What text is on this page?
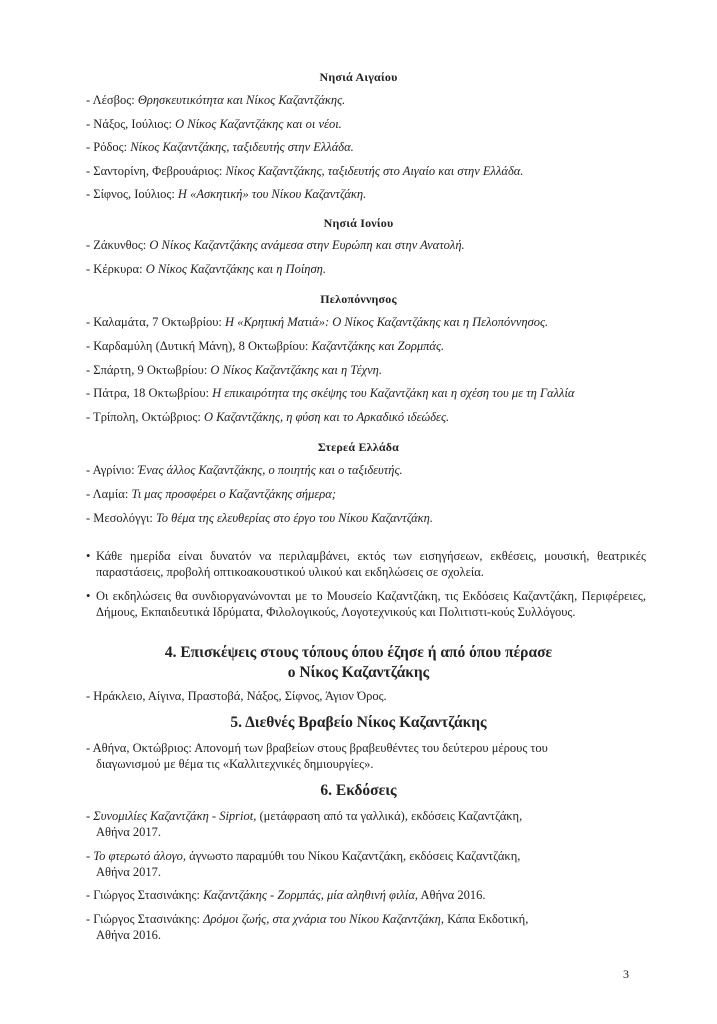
Νησιά Αιγαίου
- Λέσβος: Θρησκευτικότητα και Νίκος Καζαντζάκης.
- Νάξος, Ιούλιος: Ο Νίκος Καζαντζάκης και οι νέοι.
- Ρόδος: Νίκος Καζαντζάκης, ταξιδευτής στην Ελλάδα.
- Σαντορίνη, Φεβρουάριος: Νίκος Καζαντζάκης, ταξιδευτής στο Αιγαίο και στην Ελλάδα.
- Σίφνος, Ιούλιος: Η «Ασκητική» του Νίκου Καζαντζάκη.
Νησιά Ιονίου
- Ζάκυνθος: Ο Νίκος Καζαντζάκης ανάμεσα στην Ευρώπη και στην Ανατολή.
- Κέρκυρα: Ο Νίκος Καζαντζάκης και η Ποίηση.
Πελοπόννησος
- Καλαμάτα, 7 Οκτωβρίου: Η «Κρητική Ματιά»: Ο Νίκος Καζαντζάκης και η Πελοπόννησος.
- Καρδαμύλη (Δυτική Μάνη), 8 Οκτωβρίου: Καζαντζάκης και Ζορμπάς.
- Σπάρτη, 9 Οκτωβρίου: Ο Νίκος Καζαντζάκης και η Τέχνη.
- Πάτρα, 18 Οκτωβρίου: Η επικαιρότητα της σκέψης του Καζαντζάκη και η σχέση του με τη Γαλλία
- Τρίπολη, Οκτώβριος: Ο Καζαντζάκης, η φύση και το Αρκαδικό ιδεώδες.
Στερεά Ελλάδα
- Αγρίνιο: Ένας άλλος Καζαντζάκης, ο ποιητής και ο ταξιδευτής.
- Λαμία: Τι μας προσφέρει ο Καζαντζάκης σήμερα;
- Μεσολόγγι: Το θέμα της ελευθερίας στο έργο του Νίκου Καζαντζάκη.
• Κάθε ημερίδα είναι δυνατόν να περιλαμβάνει, εκτός των εισηγήσεων, εκθέσεις, μουσική, θεατρικές παραστάσεις, προβολή οπτικοακουστικού υλικού και εκδηλώσεις σε σχολεία.
• Οι εκδηλώσεις θα συνδιοργανώνονται με το Μουσείο Καζαντζάκη, τις Εκδόσεις Καζαντζάκη, Περιφέρειες, Δήμους, Εκπαιδευτικά Ιδρύματα, Φιλολογικούς, Λογοτεχνικούς και Πολιτιστι-κούς Συλλόγους.
4. Επισκέψεις στους τόπους όπου έζησε ή από όπου πέρασε
ο Νίκος Καζαντζάκης
- Ηράκλειο, Αίγινα, Πραστοβά, Νάξος, Σίφνος, Άγιον Όρος.
5. Διεθνές Βραβείο Νίκος Καζαντζάκης
- Αθήνα, Οκτώβριος: Απονομή των βραβείων στους βραβευθέντες του δεύτερου μέρους του
διαγωνισμού με θέμα τις «Καλλιτεχνικές δημιουργίες».
6. Εκδόσεις
- Συνομιλίες Καζαντζάκη - Sipriot, (μετάφραση από τα γαλλικά), εκδόσεις Καζαντζάκη,
Αθήνα 2017.
- Το φτερωτό άλογο, άγνωστο παραμύθι του Νίκου Καζαντζάκη, εκδόσεις Καζαντζάκη,
Αθήνα 2017.
- Γιώργος Στασινάκης: Καζαντζάκης - Ζορμπάς, μία αληθινή φιλία, Αθήνα 2016.
- Γιώργος Στασινάκης: Δρόμοι ζωής, στα χνάρια του Νίκου Καζαντζάκη, Κάπα Εκδοτική,
Αθήνα 2016.
3
